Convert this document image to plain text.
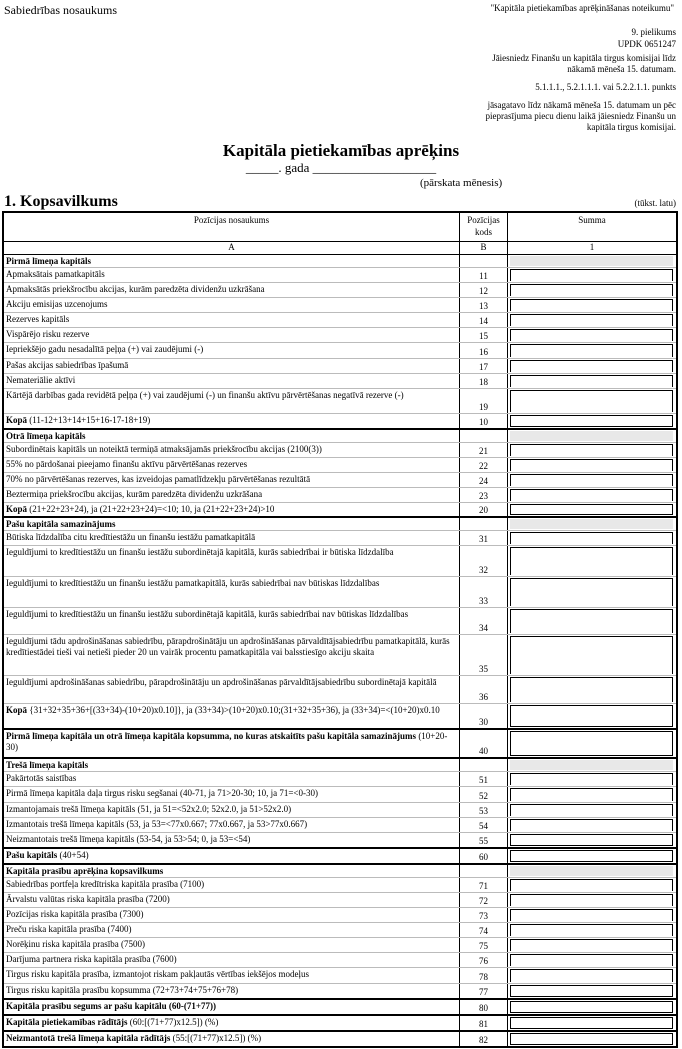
Sabiedrības nosaukums	"Kapitāla pietiekamības aprēķināšanas noteikumu"
9. pielikums
UPDK 0651247
Jāiesniedz Finanšu un kapitāla tirgus komisijai līdz
nākamā mēneša 15. datumam.
5.1.1.1., 5.2.1.1.1. vai 5.2.2.1.1. punkts
jāsagatavo līdz nākamā mēneša 15. datumam un pēc
pieprasījuma piecu dienu laikā jāiesniedz Finanšu un
kapitāla tirgus komisijai.
Kapitāla pietiekamības aprēķins
_____. gada ___________________
(pārskata mēnesis)
1. Kopsavilkums	(tūkst. latu)
Pozīcijas nosaukums	Pozīcijas
kods
Summa
A	B	1
Pirmā līmeņa kapitāls
Apmaksātais pamatkapitāls	11
Apmaksātās priekšrocību akcijas, kurām paredzēta dividenžu uzkrāšana	12
Akciju emisijas uzcenojums	13
Rezerves kapitāls	14
Vispārējo risku rezerve	15
Iepriekšējo gadu nesadalītā peļņa (+) vai zaudējumi (-)	16
Pašas akcijas sabiedrības īpašumā	17
Nemateriālie aktīvi	18
Kārtējā darbības gada revidētā peļņa (+) vai zaudējumi (-) un finanšu aktīvu pārvērtēšanas negatīvā rezerve (-)
19
Kopā (11-12+13+14+15+16-17-18+19)	10
Otrā līmeņa kapitāls
Subordinētais kapitāls un noteiktā termiņā atmaksājamās priekšrocību akcijas (2100(3))	21
55% no pārdošanai pieejamo finanšu aktīvu pārvērtēšanas rezerves	22
70% no pārvērtēšanas rezerves, kas izveidojas pamatlīdzekļu pārvērtēšanas rezultātā	24
Beztermiņa priekšrocību akcijas, kurām paredzēta dividenžu uzkrāšana	23
Kopā (21+22+23+24), ja (21+22+23+24)=<10; 10, ja (21+22+23+24)>10	20
Pašu kapitāla samazinājums
Būtiska līdzdalība citu kredītiestāžu un finanšu iestāžu pamatkapitālā	31
Ieguldījumi to kredītiestāžu un finanšu iestāžu subordinētajā kapitālā, kurās sabiedrībai ir būtiska līdzdalība
32
Ieguldījumi to kredītiestāžu un finanšu iestāžu pamatkapitālā, kurās sabiedrībai nav būtiskas līdzdalības
33
Ieguldījumi to kredītiestāžu un finanšu iestāžu subordinētajā kapitālā, kurās sabiedrībai nav būtiskas līdzdalības
34
Ieguldījumi tādu apdrošināšanas sabiedrību, pārapdrošinātāju un apdrošināšanas pārvaldītājsabiedrību pamatkapitālā, kurās kredītiestādei tieši vai netieši pieder 20 un vairāk procentu pamatkapitāla vai balsstiesīgo akciju skaita
35
Ieguldījumi apdrošināšanas sabiedrību, pārapdrošinātāju un apdrošināšanas pārvaldītājsabiedrību subordinētajā kapitālā
36
Kopā {31+32+35+36+[(33+34)-(10+20)x0.10]}, ja (33+34)>(10+20)x0.10;(31+32+35+36), ja (33+34)=<(10+20)x0.10
30
Pirmā līmeņa kapitāla un otrā līmeņa kapitāla kopsumma, no kuras atskaitīts pašu kapitāla samazinājums (10+20-30)	40
Trešā līmeņa kapitāls
Pakārtotās saistības	51
Pirmā līmeņa kapitāla daļa tirgus risku segšanai (40-71, ja 71>20-30; 10, ja 71=<0-30)	52
Izmantojamais trešā līmeņa kapitāls (51, ja 51=<52x2.0; 52x2.0, ja 51>52x2.0)	53
Izmantotais trešā līmeņa kapitāls (53, ja 53=<77x0.667; 77x0.667, ja 53>77x0.667)	54
Neizmantotais trešā līmeņa kapitāls (53-54, ja 53>54; 0, ja 53=<54)	55
Pašu kapitāls (40+54)	60
Kapitāla prasību aprēķina kopsavilkums
Sabiedrības portfeļa kredītriska kapitāla prasība (7100)	71
Ārvalstu valūtas riska kapitāla prasība (7200)	72
Pozīcijas riska kapitāla prasība (7300)	73
Preču riska kapitāla prasība (7400)	74
Norēķinu riska kapitāla prasība (7500)	75
Darījuma partnera riska kapitāla prasība (7600)	76
Tirgus risku kapitāla prasība, izmantojot riskam pakļautās vērtības iekšējos modeļus	78
Tirgus risku kapitāla prasību kopsumma (72+73+74+75+76+78)	77
Kapitāla prasību segums ar pašu kapitālu (60-(71+77))	80
Kapitāla pietiekamības rādītājs (60:[(71+77)x12.5]) (%)	81
Neizmantotā trešā līmeņa kapitāla rādītājs (55:[(71+77)x12.5]) (%)	82
